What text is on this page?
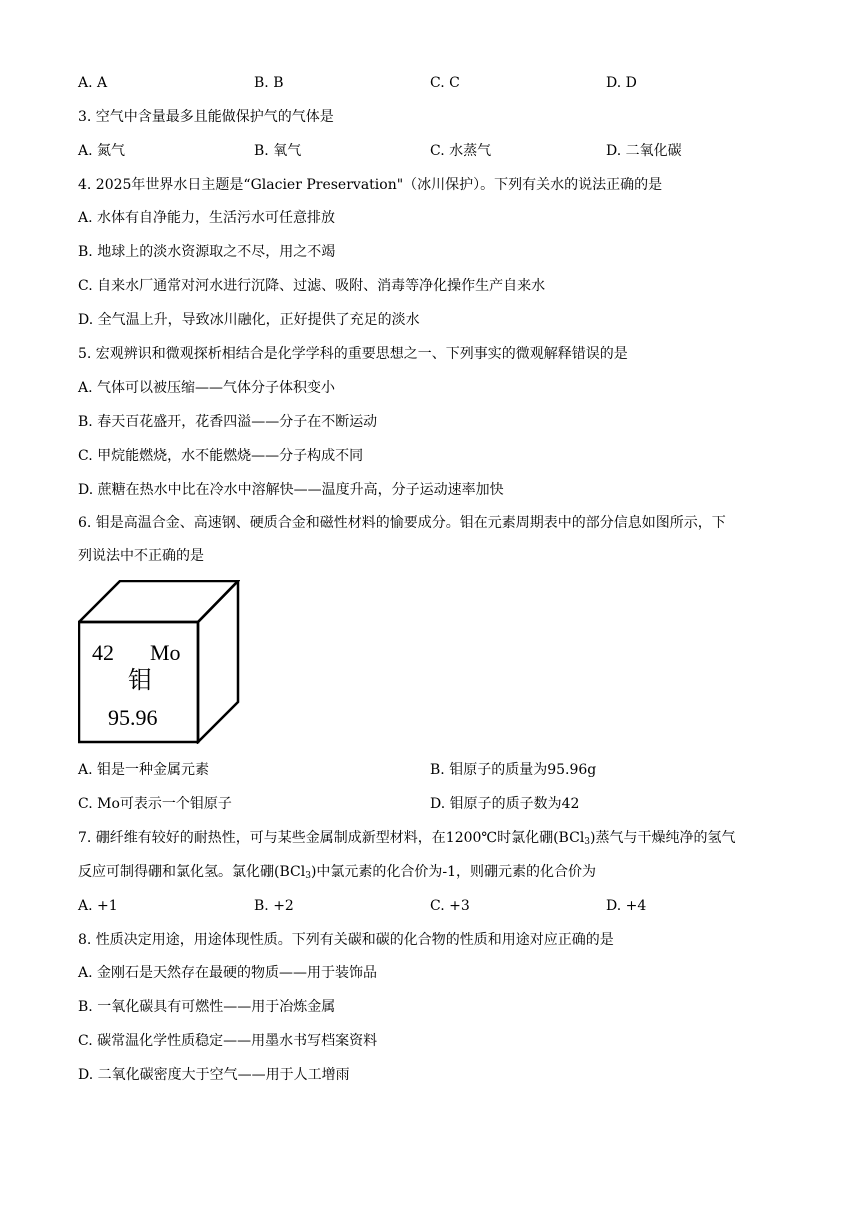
A. A	B. B	C. C	D. D
3. 空气中含量最多且能做保护气的气体是
A. 氮气	B. 氧气	C. 水蒸气	D. 二氧化碳
4. 2025年世界水日主题是“Glacier Preservation"（冰川保护）。下列有关水的说法正确的是
A. 水体有自净能力，生活污水可任意排放
B. 地球上的淡水资源取之不尽，用之不竭
C. 自来水厂通常对河水进行沉降、过滤、吸附、消毒等净化操作生产自来水
D. 全气温上升，导致冰川融化，正好提供了充足的淡水
5. 宏观辨识和微观探析相结合是化学学科的重要思想之一、下列事实的微观解释错误的是
A. 气体可以被压缩——气体分子体积变小
B. 春天百花盛开，花香四溢——分子在不断运动
C. 甲烷能燃烧，水不能燃烧——分子构成不同
D. 蔗糖在热水中比在冷水中溶解快——温度升高，分子运动速率加快
6. 钼是高温合金、高速钢、硬质合金和磁性材料的愉要成分。钼在元素周期表中的部分信息如图所示，下
列说法中不正确的是
42 Mo
钼
95.96
A. 钼是一种金属元素	B. 钼原子的质量为95.96g
C. Mo可表示一个钼原子	D. 钼原子的质子数为42
7. 硼纤维有较好的耐热性，可与某些金属制成新型材料，在1200℃时氯化硼(BCl$_3$)蒸气与干燥纯净的氢气
反应可制得硼和氯化氢。氯化硼(BCl$_3$)中氯元素的化合价为-1，则硼元素的化合价为
A. +1	B. +2	C. +3	D. +4
8. 性质决定用途，用途体现性质。下列有关碳和碳的化合物的性质和用途对应正确的是
A. 金刚石是天然存在最硬的物质——用于装饰品
B. 一氧化碳具有可燃性——用于冶炼金属
C. 碳常温化学性质稳定——用墨水书写档案资料
D. 二氧化碳密度大于空气——用于人工增雨
